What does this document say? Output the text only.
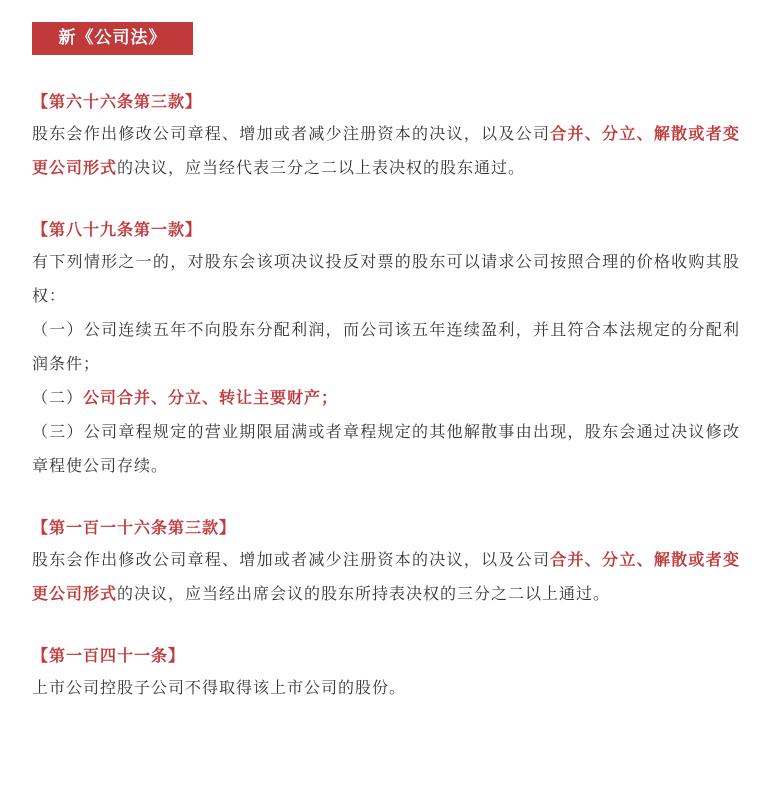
新《公司法》
【第六十六条第三款】

股东会作出修改公司章程、增加或者减少注册资本的决议，以及公司合并、分立、解散或者变更公司形式的决议，应当经代表三分之二以上表决权的股东通过。

【第八十九条第一款】

有下列情形之一的，对股东会该项决议投反对票的股东可以请求公司按照合理的价格收购其股权：

（一）公司连续五年不向股东分配利润，而公司该五年连续盈利，并且符合本法规定的分配利润条件；

（二）公司合并、分立、转让主要财产；

（三）公司章程规定的营业期限届满或者章程规定的其他解散事由出现，股东会通过决议修改章程使公司存续。

【第一百一十六条第三款】

股东会作出修改公司章程、增加或者减少注册资本的决议，以及公司合并、分立、解散或者变更公司形式的决议，应当经出席会议的股东所持表决权的三分之二以上通过。

【第一百四十一条】

上市公司控股子公司不得取得该上市公司的股份。
